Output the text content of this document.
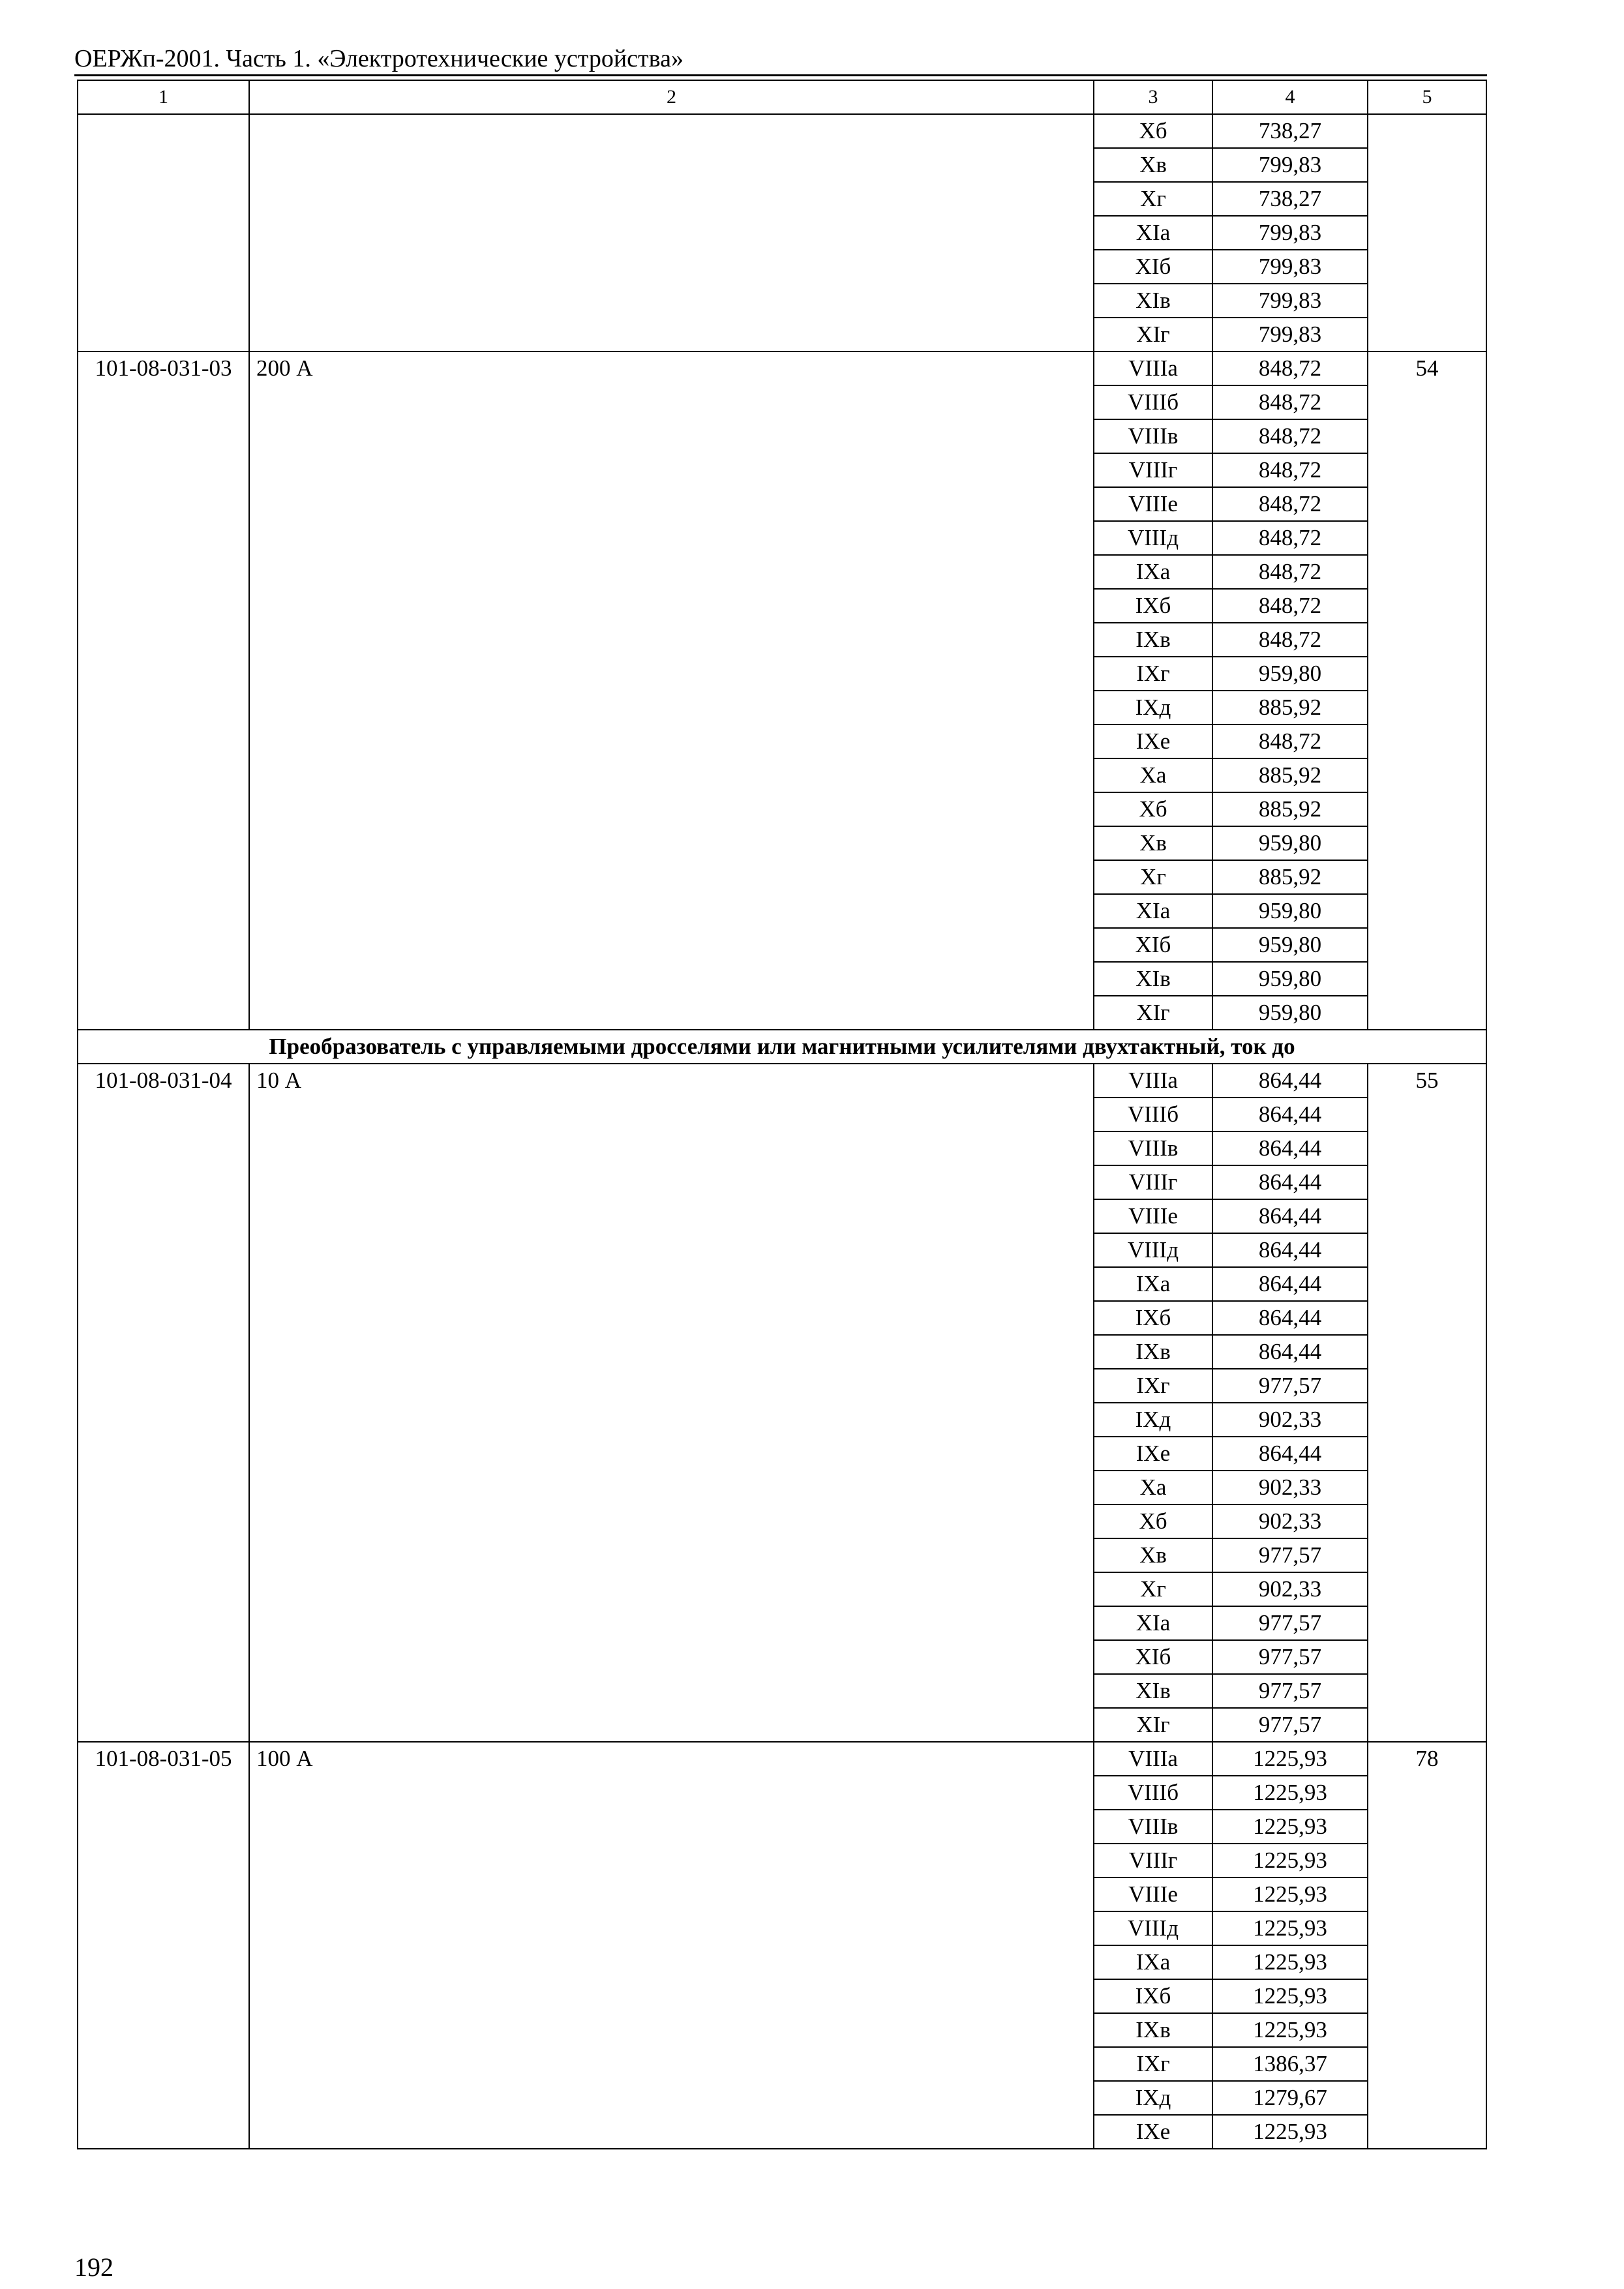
ОЕРЖп-2001. Часть 1. «Электротехнические устройства»
1	2	3	4	5
		Xб	738,27	
		Xв	799,83	
		Xг	738,27	
		XIa	799,83	
		XIб	799,83	
		XIв	799,83	
		XIг	799,83	
101-08-031-03	200 А	VIIIa	848,72	54
		VIIIб	848,72	
		VIIIв	848,72	
		VIIIг	848,72	
		VIIIе	848,72	
		VIIIд	848,72	
		IXa	848,72	
		IXб	848,72	
		IXв	848,72	
		IXг	959,80	
		IXд	885,92	
		IXе	848,72	
		Xa	885,92	
		Xб	885,92	
		Xв	959,80	
		Xг	885,92	
		XIa	959,80	
		XIб	959,80	
		XIв	959,80	
		XIг	959,80	
Преобразователь с управляемыми дросселями или магнитными усилителями двухтактный, ток до				
101-08-031-04	10 А	VIIIa	864,44	55
		VIIIб	864,44	
		VIIIв	864,44	
		VIIIг	864,44	
		VIIIе	864,44	
		VIIIд	864,44	
		IXa	864,44	
		IXб	864,44	
		IXв	864,44	
		IXг	977,57	
		IXд	902,33	
		IXе	864,44	
		Xa	902,33	
		Xб	902,33	
		Xв	977,57	
		Xг	902,33	
		XIa	977,57	
		XIб	977,57	
		XIв	977,57	
		XIг	977,57	
101-08-031-05	100 А	VIIIa	1225,93	78
		VIIIб	1225,93	
		VIIIв	1225,93	
		VIIIг	1225,93	
		VIIIе	1225,93	
		VIIIд	1225,93	
		IXa	1225,93	
		IXб	1225,93	
		IXв	1225,93	
		IXг	1386,37	
		IXд	1279,67	
		IXе	1225,93	
192
